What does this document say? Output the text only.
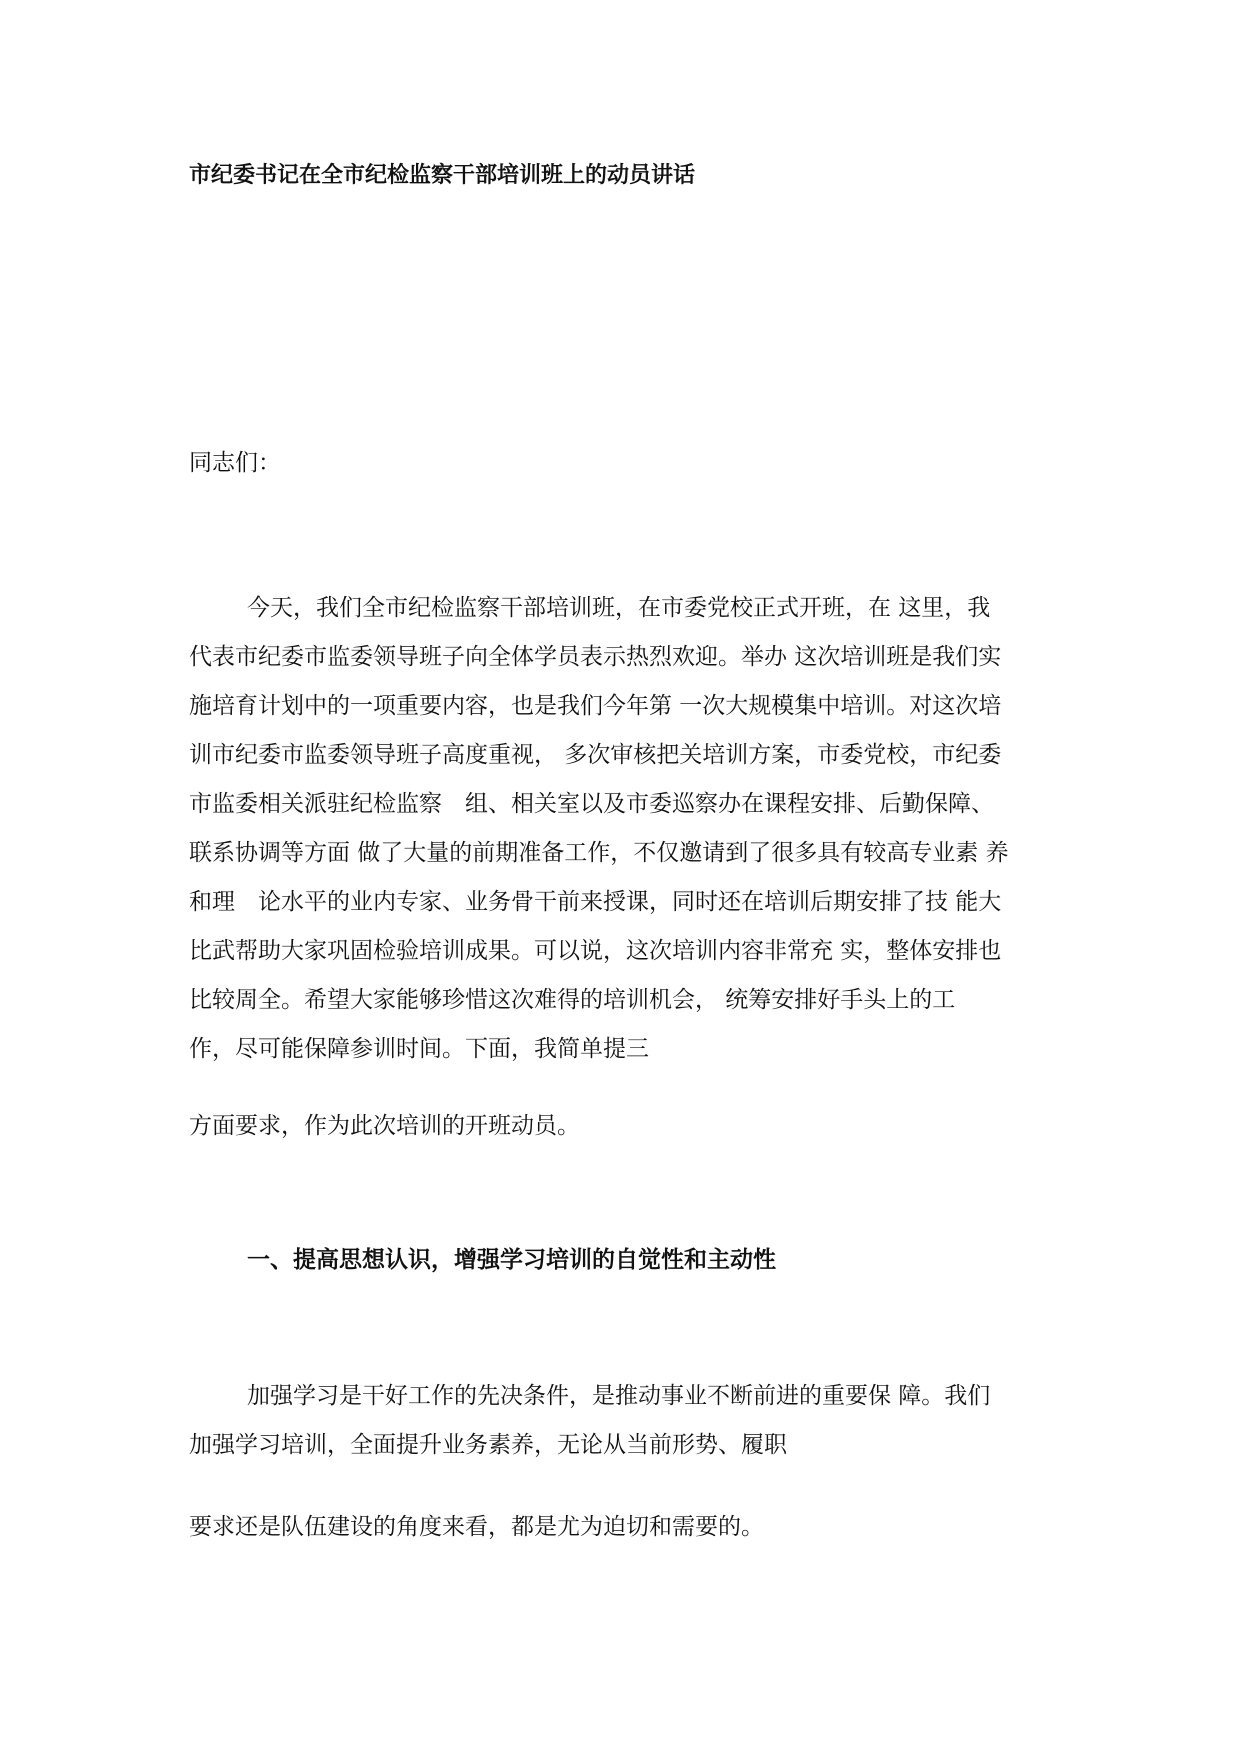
市纪委书记在全市纪检监察干部培训班上的动员讲话
同志们：
今天，我们全市纪检监察干部培训班，在市委党校正式开班，在 这里，我
代表市纪委市监委领导班子向全体学员表示热烈欢迎。举办 这次培训班是我们实
施培育计划中的一项重要内容，也是我们今年第 一次大规模集中培训。对这次培
训市纪委市监委领导班子高度重视， 多次审核把关培训方案，市委党校，市纪委
市监委相关派驻纪检监察　组、相关室以及市委巡察办在课程安排、后勤保障、
联系协调等方面 做了大量的前期准备工作，不仅邀请到了很多具有较高专业素 养
和理　论水平的业内专家、业务骨干前来授课，同时还在培训后期安排了技 能大
比武帮助大家巩固检验培训成果。可以说，这次培训内容非常充 实，整体安排也
比较周全。希望大家能够珍惜这次难得的培训机会， 统筹安排好手头上的工
作，尽可能保障参训时间。下面，我简单提三
方面要求，作为此次培训的开班动员。
一、提高思想认识，增强学习培训的自觉性和主动性
加强学习是干好工作的先决条件，是推动事业不断前进的重要保 障。我们
加强学习培训，全面提升业务素养，无论从当前形势、履职
要求还是队伍建设的角度来看，都是尤为迫切和需要的。
